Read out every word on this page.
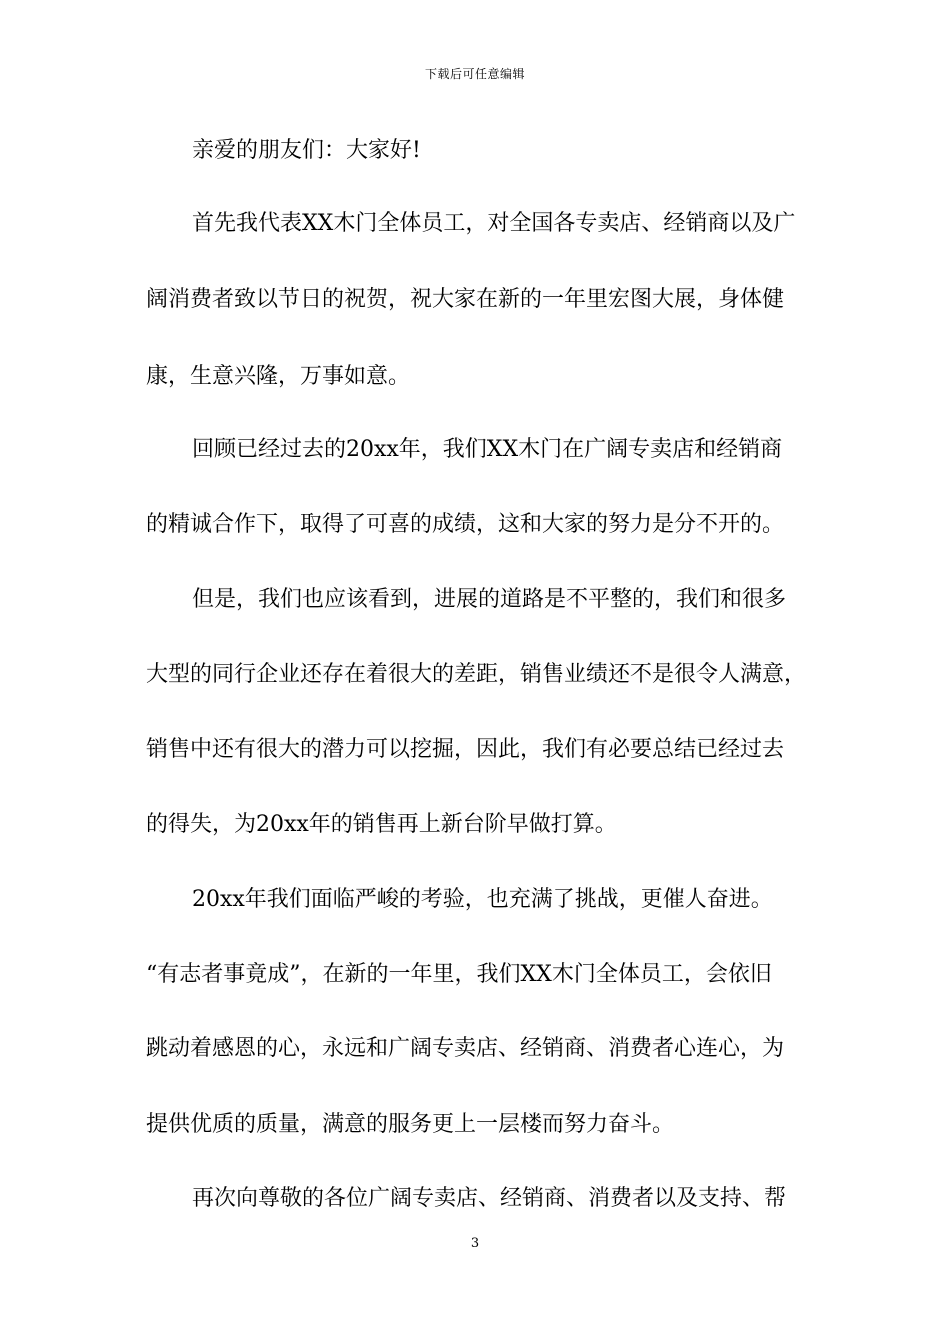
下载后可任意编辑
亲爱的朋友们：大家好!
首先我代表XX木门全体员工，对全国各专卖店、经销商以及广
阔消费者致以节日的祝贺，祝大家在新的一年里宏图大展，身体健
康，生意兴隆，万事如意。
回顾已经过去的20xx年，我们XX木门在广阔专卖店和经销商
的精诚合作下，取得了可喜的成绩，这和大家的努力是分不开的。
但是，我们也应该看到，进展的道路是不平整的，我们和很多
大型的同行企业还存在着很大的差距，销售业绩还不是很令人满意，
销售中还有很大的潜力可以挖掘，因此，我们有必要总结已经过去
的得失，为20xx年的销售再上新台阶早做打算。
20xx年我们面临严峻的考验，也充满了挑战，更催人奋进。
“有志者事竟成”，在新的一年里，我们XX木门全体员工，会依旧
跳动着感恩的心，永远和广阔专卖店、经销商、消费者心连心，为
提供优质的质量，满意的服务更上一层楼而努力奋斗。
再次向尊敬的各位广阔专卖店、经销商、消费者以及支持、帮
3
